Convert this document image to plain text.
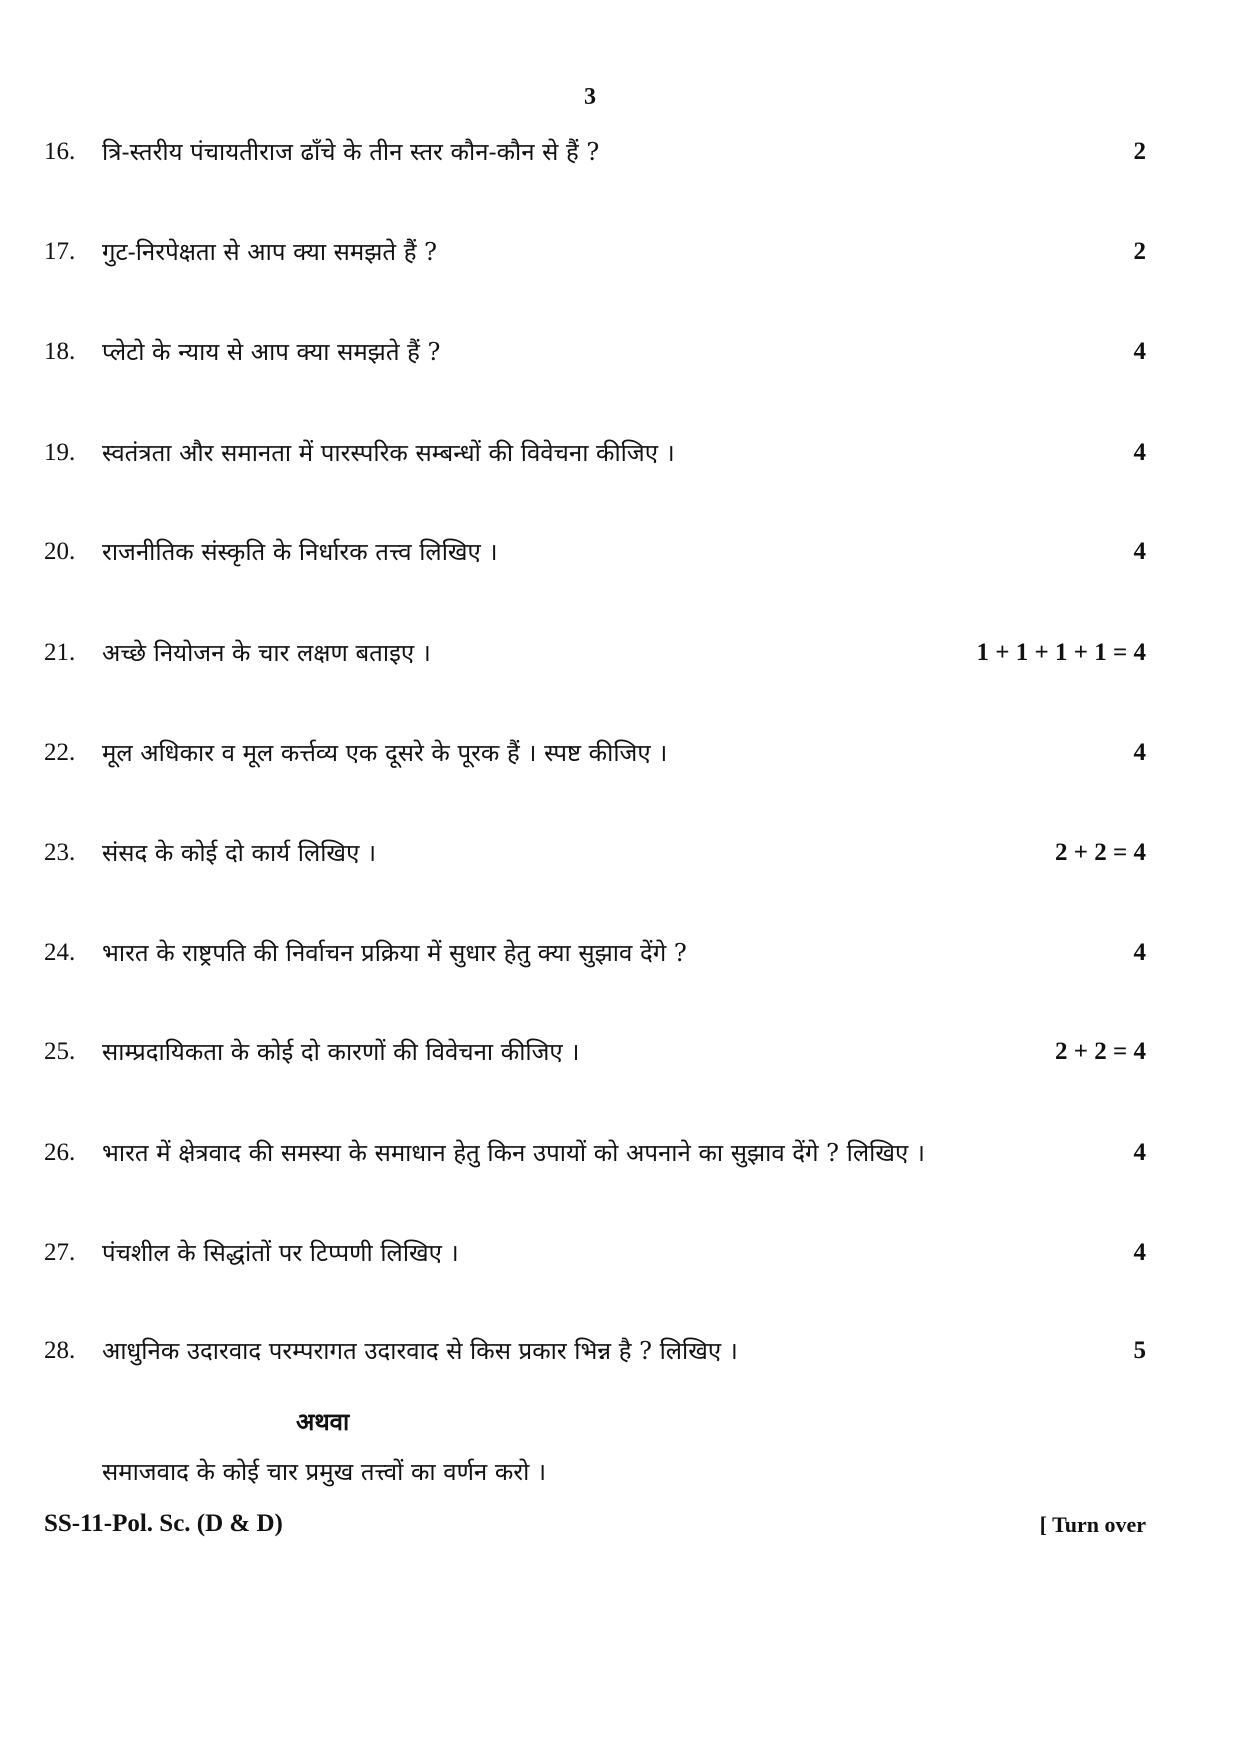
3
16. त्रि-स्तरीय पंचायतीराज ढाँचे के तीन स्तर कौन-कौन से हैं ?	2
17. गुट-निरपेक्षता से आप क्या समझते हैं ?	2
18. प्लेटो के न्याय से आप क्या समझते हैं ?	4
19. स्वतंत्रता और समानता में पारस्परिक सम्बन्धों की विवेचना कीजिए ।	4
20. राजनीतिक संस्कृति के निर्धारक तत्त्व लिखिए ।	4
21. अच्छे नियोजन के चार लक्षण बताइए ।	1 + 1 + 1 + 1 = 4
22. मूल अधिकार व मूल कर्त्तव्य एक दूसरे के पूरक हैं । स्पष्ट कीजिए ।	4
23. संसद के कोई दो कार्य लिखिए ।	2 + 2 = 4
24. भारत के राष्ट्रपति की निर्वाचन प्रक्रिया में सुधार हेतु क्या सुझाव देंगे ?	4
25. साम्प्रदायिकता के कोई दो कारणों की विवेचना कीजिए ।	2 + 2 = 4
26. भारत में क्षेत्रवाद की समस्या के समाधान हेतु किन उपायों को अपनाने का सुझाव देंगे ? लिखिए ।	4
27. पंचशील के सिद्धांतों पर टिप्पणी लिखिए ।	4
28. आधुनिक उदारवाद परम्परागत उदारवाद से किस प्रकार भिन्न है ? लिखिए ।	5
अथवा
समाजवाद के कोई चार प्रमुख तत्त्वों का वर्णन करो ।
SS-11-Pol. Sc. (D & D)	[ Turn over
